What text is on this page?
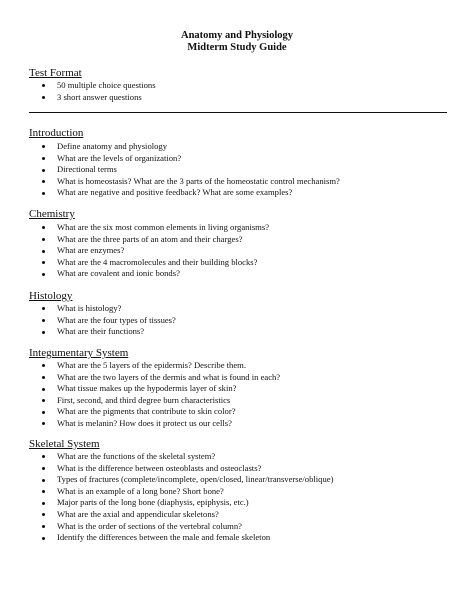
Anatomy and Physiology
Midterm Study Guide
Test Format
50 multiple choice questions
3 short answer questions
Introduction
Define anatomy and physiology
What are the levels of organization?
Directional terms
What is homeostasis? What are the 3 parts of the homeostatic control mechanism?
What are negative and positive feedback? What are some examples?
Chemistry
What are the six most common elements in living organisms?
What are the three parts of an atom and their charges?
What are enzymes?
What are the 4 macromolecules and their building blocks?
What are covalent and ionic bonds?
Histology
What is histology?
What are the four types of tissues?
What are their functions?
Integumentary System
What are the 5 layers of the epidermis? Describe them.
What are the two layers of the dermis and what is found in each?
What tissue makes up the hypodermis layer of skin?
First, second, and third degree burn characteristics
What are the pigments that contribute to skin color?
What is melanin? How does it protect us our cells?
Skeletal System
What are the functions of the skeletal system?
What is the difference between osteoblasts and osteoclasts?
Types of fractures (complete/incomplete, open/closed, linear/transverse/oblique)
What is an example of a long bone? Short bone?
Major parts of the long bone (diaphysis, epiphysis, etc.)
What are the axial and appendicular skeletons?
What is the order of sections of the vertebral column?
Identify the differences between the male and female skeleton
